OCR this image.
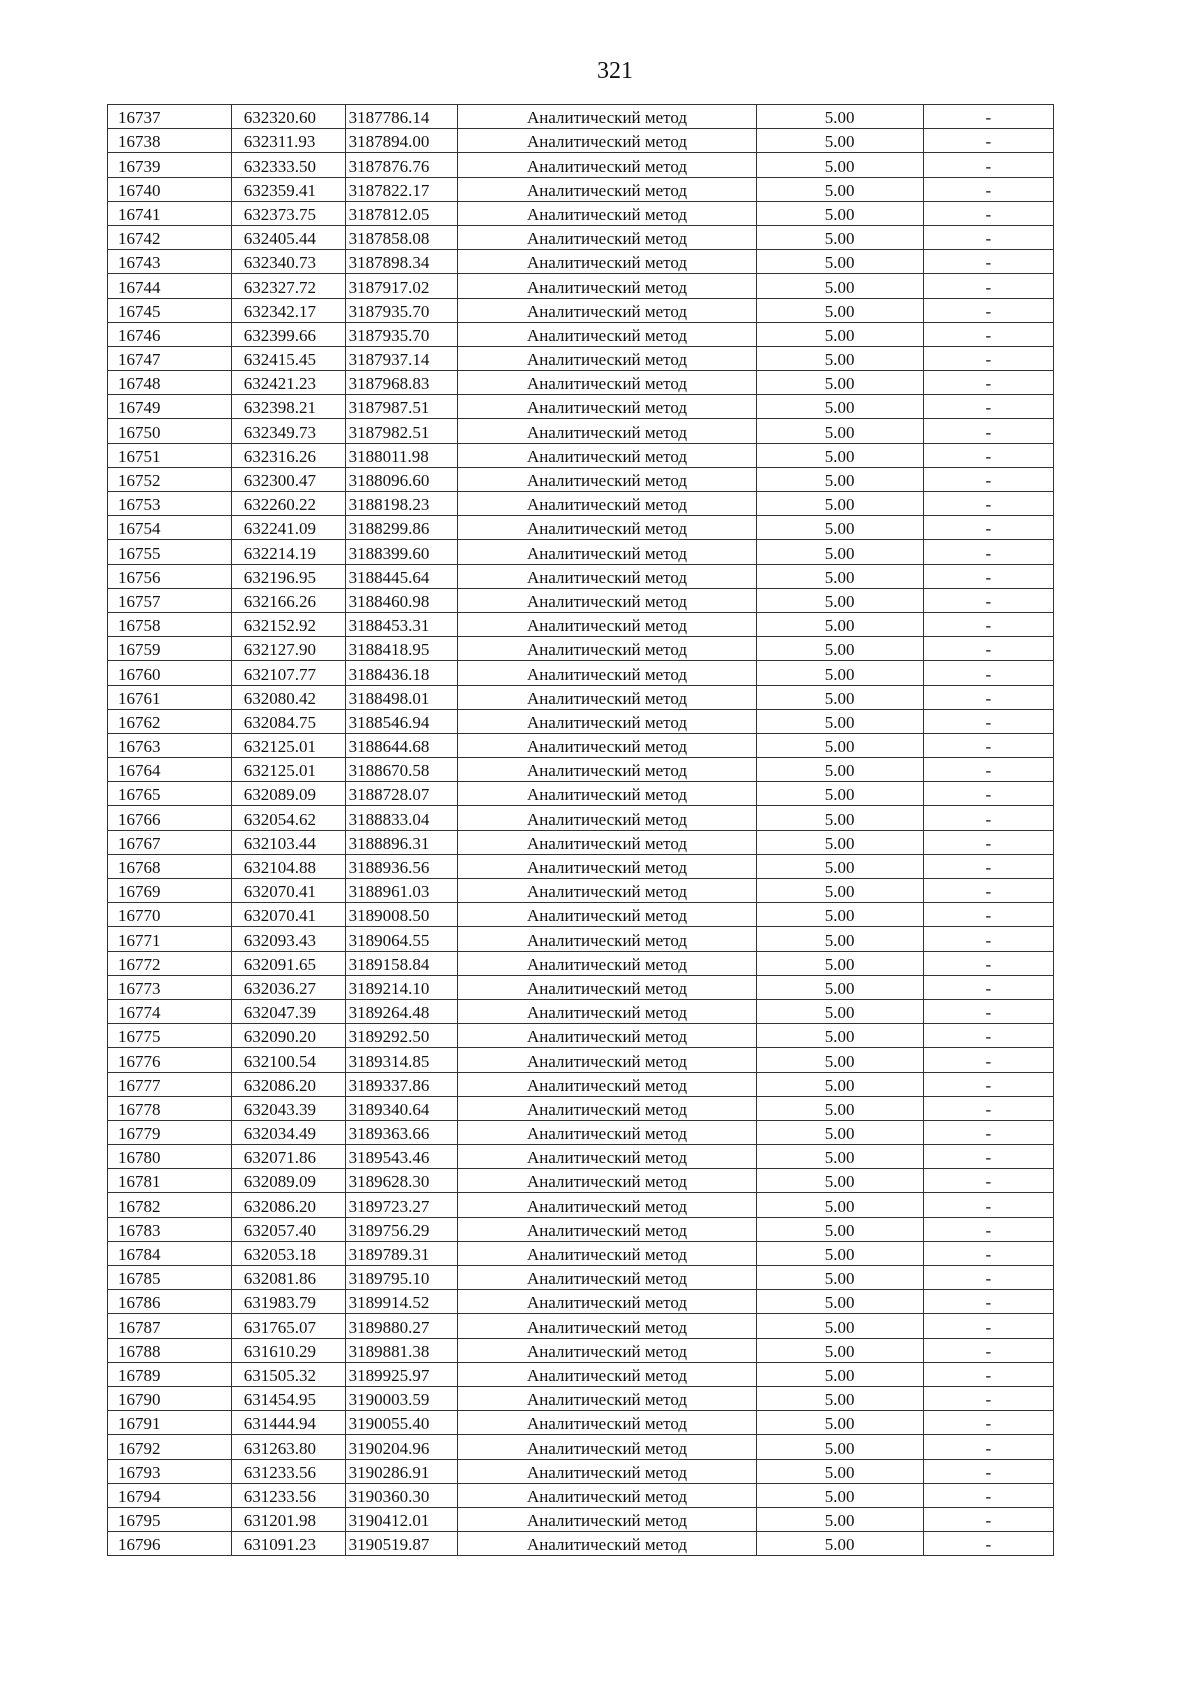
321
16737	632320.60	3187786.14	Аналитический метод	5.00	-
16738	632311.93	3187894.00	Аналитический метод	5.00	-
16739	632333.50	3187876.76	Аналитический метод	5.00	-
16740	632359.41	3187822.17	Аналитический метод	5.00	-
16741	632373.75	3187812.05	Аналитический метод	5.00	-
16742	632405.44	3187858.08	Аналитический метод	5.00	-
16743	632340.73	3187898.34	Аналитический метод	5.00	-
16744	632327.72	3187917.02	Аналитический метод	5.00	-
16745	632342.17	3187935.70	Аналитический метод	5.00	-
16746	632399.66	3187935.70	Аналитический метод	5.00	-
16747	632415.45	3187937.14	Аналитический метод	5.00	-
16748	632421.23	3187968.83	Аналитический метод	5.00	-
16749	632398.21	3187987.51	Аналитический метод	5.00	-
16750	632349.73	3187982.51	Аналитический метод	5.00	-
16751	632316.26	3188011.98	Аналитический метод	5.00	-
16752	632300.47	3188096.60	Аналитический метод	5.00	-
16753	632260.22	3188198.23	Аналитический метод	5.00	-
16754	632241.09	3188299.86	Аналитический метод	5.00	-
16755	632214.19	3188399.60	Аналитический метод	5.00	-
16756	632196.95	3188445.64	Аналитический метод	5.00	-
16757	632166.26	3188460.98	Аналитический метод	5.00	-
16758	632152.92	3188453.31	Аналитический метод	5.00	-
16759	632127.90	3188418.95	Аналитический метод	5.00	-
16760	632107.77	3188436.18	Аналитический метод	5.00	-
16761	632080.42	3188498.01	Аналитический метод	5.00	-
16762	632084.75	3188546.94	Аналитический метод	5.00	-
16763	632125.01	3188644.68	Аналитический метод	5.00	-
16764	632125.01	3188670.58	Аналитический метод	5.00	-
16765	632089.09	3188728.07	Аналитический метод	5.00	-
16766	632054.62	3188833.04	Аналитический метод	5.00	-
16767	632103.44	3188896.31	Аналитический метод	5.00	-
16768	632104.88	3188936.56	Аналитический метод	5.00	-
16769	632070.41	3188961.03	Аналитический метод	5.00	-
16770	632070.41	3189008.50	Аналитический метод	5.00	-
16771	632093.43	3189064.55	Аналитический метод	5.00	-
16772	632091.65	3189158.84	Аналитический метод	5.00	-
16773	632036.27	3189214.10	Аналитический метод	5.00	-
16774	632047.39	3189264.48	Аналитический метод	5.00	-
16775	632090.20	3189292.50	Аналитический метод	5.00	-
16776	632100.54	3189314.85	Аналитический метод	5.00	-
16777	632086.20	3189337.86	Аналитический метод	5.00	-
16778	632043.39	3189340.64	Аналитический метод	5.00	-
16779	632034.49	3189363.66	Аналитический метод	5.00	-
16780	632071.86	3189543.46	Аналитический метод	5.00	-
16781	632089.09	3189628.30	Аналитический метод	5.00	-
16782	632086.20	3189723.27	Аналитический метод	5.00	-
16783	632057.40	3189756.29	Аналитический метод	5.00	-
16784	632053.18	3189789.31	Аналитический метод	5.00	-
16785	632081.86	3189795.10	Аналитический метод	5.00	-
16786	631983.79	3189914.52	Аналитический метод	5.00	-
16787	631765.07	3189880.27	Аналитический метод	5.00	-
16788	631610.29	3189881.38	Аналитический метод	5.00	-
16789	631505.32	3189925.97	Аналитический метод	5.00	-
16790	631454.95	3190003.59	Аналитический метод	5.00	-
16791	631444.94	3190055.40	Аналитический метод	5.00	-
16792	631263.80	3190204.96	Аналитический метод	5.00	-
16793	631233.56	3190286.91	Аналитический метод	5.00	-
16794	631233.56	3190360.30	Аналитический метод	5.00	-
16795	631201.98	3190412.01	Аналитический метод	5.00	-
16796	631091.23	3190519.87	Аналитический метод	5.00	-
